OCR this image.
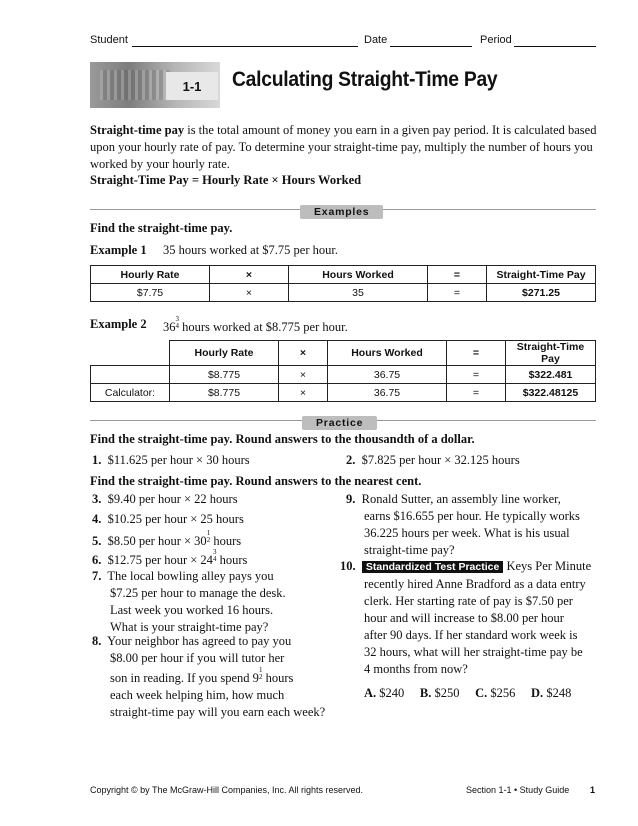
Student	Date	Period
1-1	Calculating Straight-Time Pay
Straight-time pay is the total amount of money you earn in a given pay period. It is calculated based upon your hourly rate of pay. To determine your straight-time pay, multiply the number of hours you worked by your hourly rate.
Straight-Time Pay = Hourly Rate × Hours Worked
Examples
Find the straight-time pay.
Example 1 35 hours worked at $7.75 per hour.
Hourly Rate	×	Hours Worked	=	Straight-Time Pay
$7.75	×	35	=	$271.25
Example 2 363
4 hours worked at $8.775 per hour.
	Hourly Rate	×	Hours Worked	=	Straight-Time Pay
	$8.775	×	36.75	=	$322.481
Calculator:	$8.775	×	36.75	=	$322.48125
Practice
Find the straight-time pay. Round answers to the thousandth of a dollar.
1. $11.625 per hour × 30 hours	2. $7.825 per hour × 32.125 hours
Find the straight-time pay. Round answers to the nearest cent.
3. $9.40 per hour × 22 hours
4. $10.25 per hour × 25 hours
5. $8.50 per hour × 301
2 hours
6. $12.75 per hour × 243
4 hours
7. The local bowling alley pays you
$7.25 per hour to manage the desk.
Last week you worked 16 hours.
What is your straight-time pay?
8. Your neighbor has agreed to pay you
$8.00 per hour if you will tutor her
son in reading. If you spend 91
2 hours
each week helping him, how much
straight-time pay will you earn each week?
9. Ronald Sutter, an assembly line worker,
earns $16.655 per hour. He typically works
36.225 hours per week. What is his usual
straight-time pay?
10. Standardized Test Practice Keys Per Minute
recently hired Anne Bradford as a data entry
clerk. Her starting rate of pay is $7.50 per
hour and will increase to $8.00 per hour
after 90 days. If her standard work week is
32 hours, what will her straight-time pay be
4 months from now?
A. $240 B. $250 C. $256 D. $248
Copyright © by The McGraw-Hill Companies, Inc. All rights reserved.	Section 1-1 • Study Guide 1
